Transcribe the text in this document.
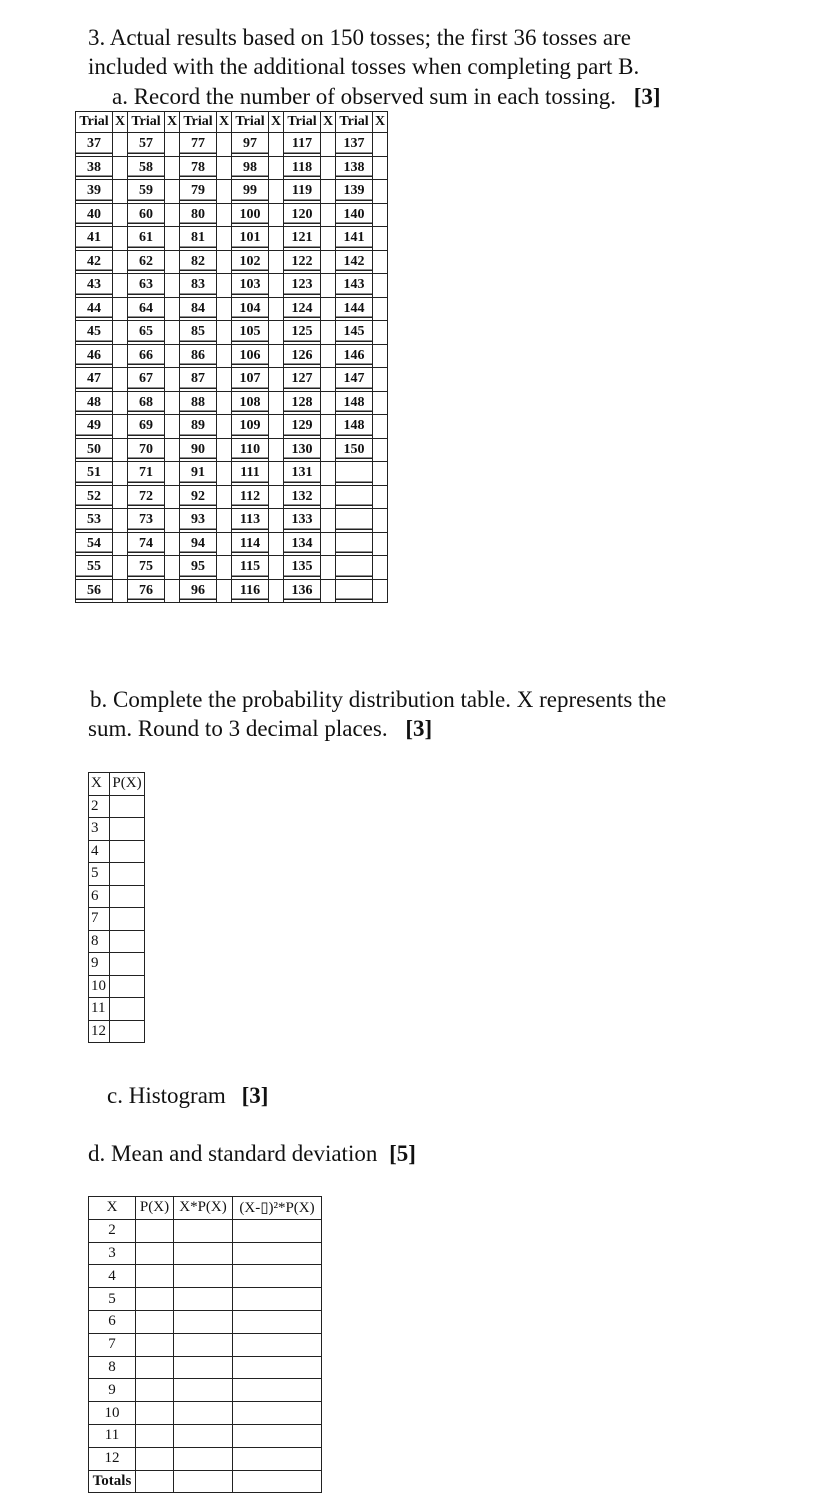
3. Actual results based on 150 tosses; the first 36 tosses are
included with the additional tosses when completing part B.
a. Record the number of observed sum in each tossing. [3]
Trial	X	Trial	X	Trial	X	Trial	X	Trial	X	Trial	X
37		57		77		97		117		137	
38		58		78		98		118		138	
39		59		79		99		119		139	
40		60		80		100		120		140	
41		61		81		101		121		141	
42		62		82		102		122		142	
43		63		83		103		123		143	
44		64		84		104		124		144	
45		65		85		105		125		145	
46		66		86		106		126		146	
47		67		87		107		127		147	
48		68		88		108		128		148	
49		69		89		109		129		148	
50		70		90		110		130		150	
51		71		91		111		131			
52		72		92		112		132			
53		73		93		113		133			
54		74		94		114		134			
55		75		95		115		135			
56		76		96		116		136			
b. Complete the probability distribution table. X represents the
sum. Round to 3 decimal places. [3]
X	P(X)
2	
3	
4	
5	
6	
7	
8	
9	
10	
11	
12	
c. Histogram [3]
d. Mean and standard deviation [5]
X	P(X)	X*P(X)	(X-▯)²*P(X)
2			
3			
4			
5			
6			
7			
8			
9			
10			
11			
12			
Totals			
